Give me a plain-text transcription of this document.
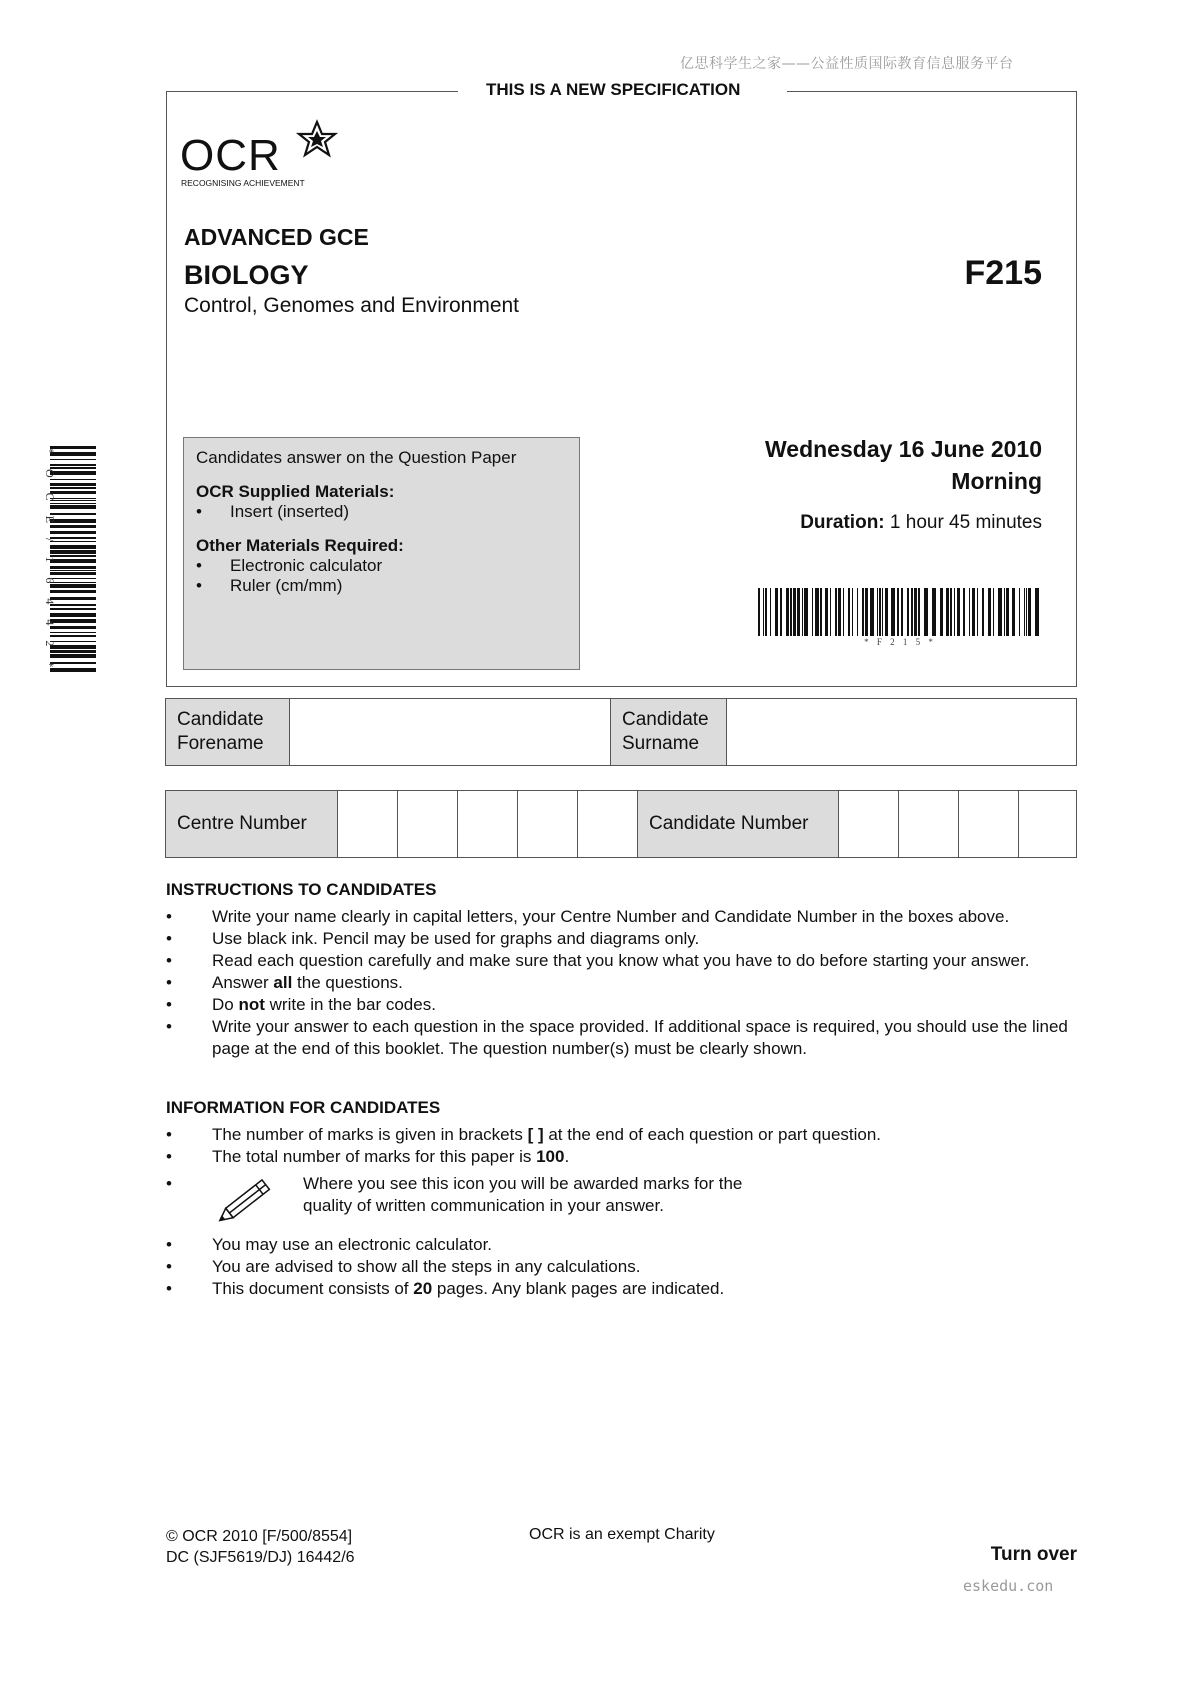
亿思科学生之家——公益性质国际教育信息服务平台
THIS IS A NEW SPECIFICATION
OCR
RECOGNISING ACHIEVEMENT
ADVANCED GCE
BIOLOGY
Control, Genomes and Environment
F215
Candidates answer on the Question Paper
OCR Supplied Materials:
• Insert (inserted)
Other Materials Required:
• Electronic calculator
• Ruler (cm/mm)
Wednesday 16 June 2010
Morning
Duration: 1 hour 45 minutes
* F 2 1 5 *
* O C E / 1 6 4 4 2 *
Candidate
Forename		Candidate
Surname	
Centre Number						Candidate Number				
INSTRUCTIONS TO CANDIDATES
• Write your name clearly in capital letters, your Centre Number and Candidate Number in the boxes above.
• Use black ink. Pencil may be used for graphs and diagrams only.
• Read each question carefully and make sure that you know what you have to do before starting your answer.
• Answer all the questions.
• Do not write in the bar codes.
• Write your answer to each question in the space provided. If additional space is required, you should use the lined page at the end of this booklet. The question number(s) must be clearly shown.
INFORMATION FOR CANDIDATES
• The number of marks is given in brackets [ ] at the end of each question or part question.
• The total number of marks for this paper is 100.
•	Where you see this icon you will be awarded marks for the
quality of written communication in your answer.
• You may use an electronic calculator.
• You are advised to show all the steps in any calculations.
• This document consists of 20 pages. Any blank pages are indicated.
© OCR 2010 [F/500/8554]
DC (SJF5619/DJ) 16442/6
OCR is an exempt Charity
Turn over
eskedu.con
